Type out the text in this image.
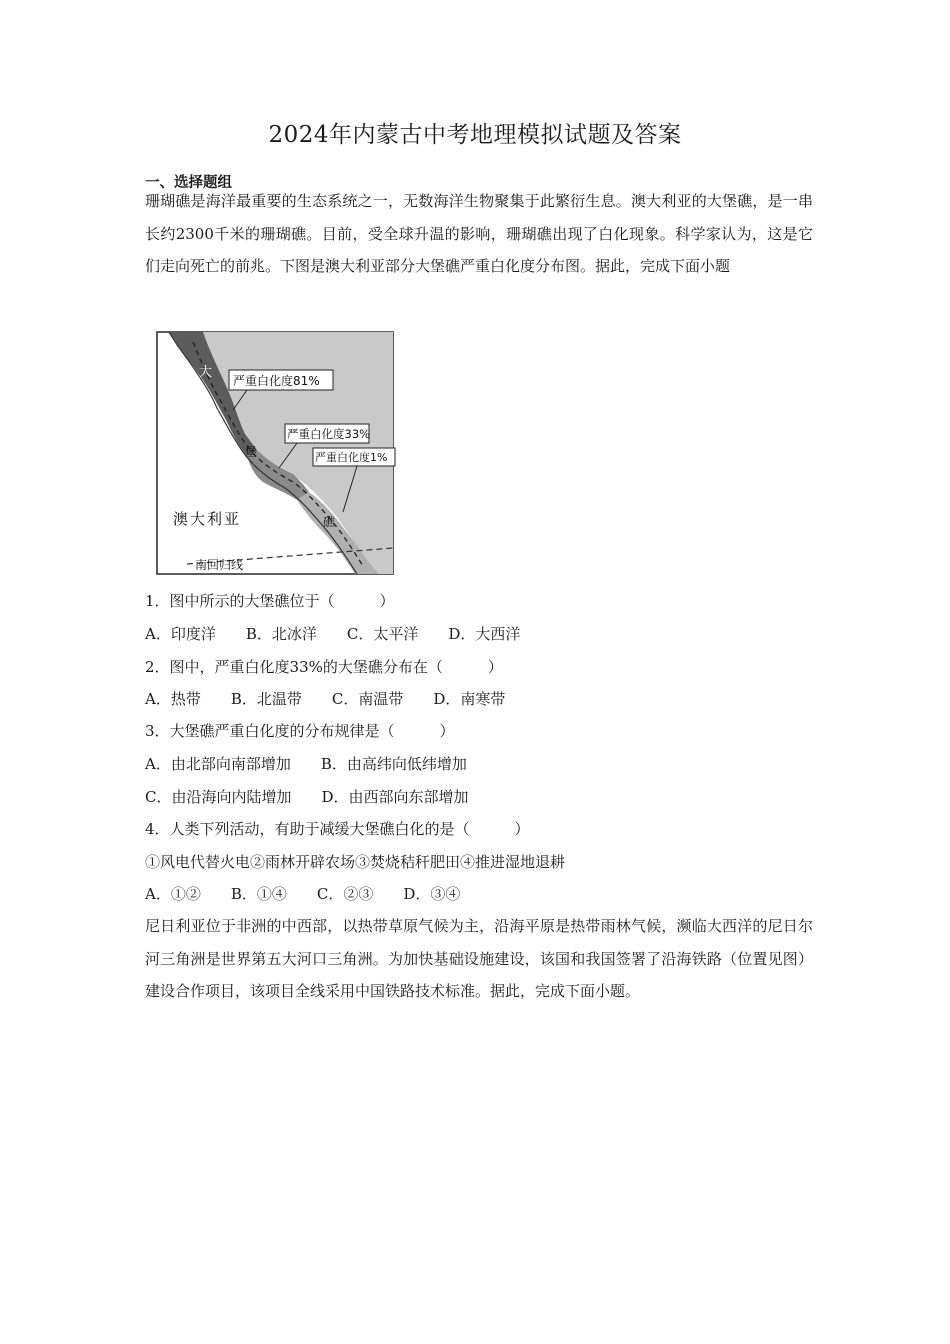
2024年内蒙古中考地理模拟试题及答案
一、选择题组
珊瑚礁是海洋最重要的生态系统之一，无数海洋生物聚集于此繁衍生息。澳大利亚的大堡礁，是一串长约2300千米的珊瑚礁。目前，受全球升温的影响，珊瑚礁出现了白化现象。科学家认为，这是它们走向死亡的前兆。下图是澳大利亚部分大堡礁严重白化度分布图。据此，完成下面小题
严重白化度81%
严重白化度33%
严重白化度1%
大
堡
礁
澳大利亚
南回归线
1．图中所示的大堡礁位于（　　　）
A．印度洋　　B．北冰洋　　C．太平洋　　D．大西洋
2．图中，严重白化度33%的大堡礁分布在（　　　）
A．热带　　B．北温带　　C．南温带　　D．南寒带
3．大堡礁严重白化度的分布规律是（　　　）
A．由北部向南部增加　　B．由高纬向低纬增加
C．由沿海向内陆增加　　D．由西部向东部增加
4．人类下列活动，有助于减缓大堡礁白化的是（　　　）
①风电代替火电②雨林开辟农场③焚烧秸秆肥田④推进湿地退耕
A．①②　　B．①④　　C．②③　　D．③④
尼日利亚位于非洲的中西部，以热带草原气候为主，沿海平原是热带雨林气候，濒临大西洋的尼日尔河三角洲是世界第五大河口三角洲。为加快基础设施建设，该国和我国签署了沿海铁路（位置见图）建设合作项目，该项目全线采用中国铁路技术标准。据此，完成下面小题。
